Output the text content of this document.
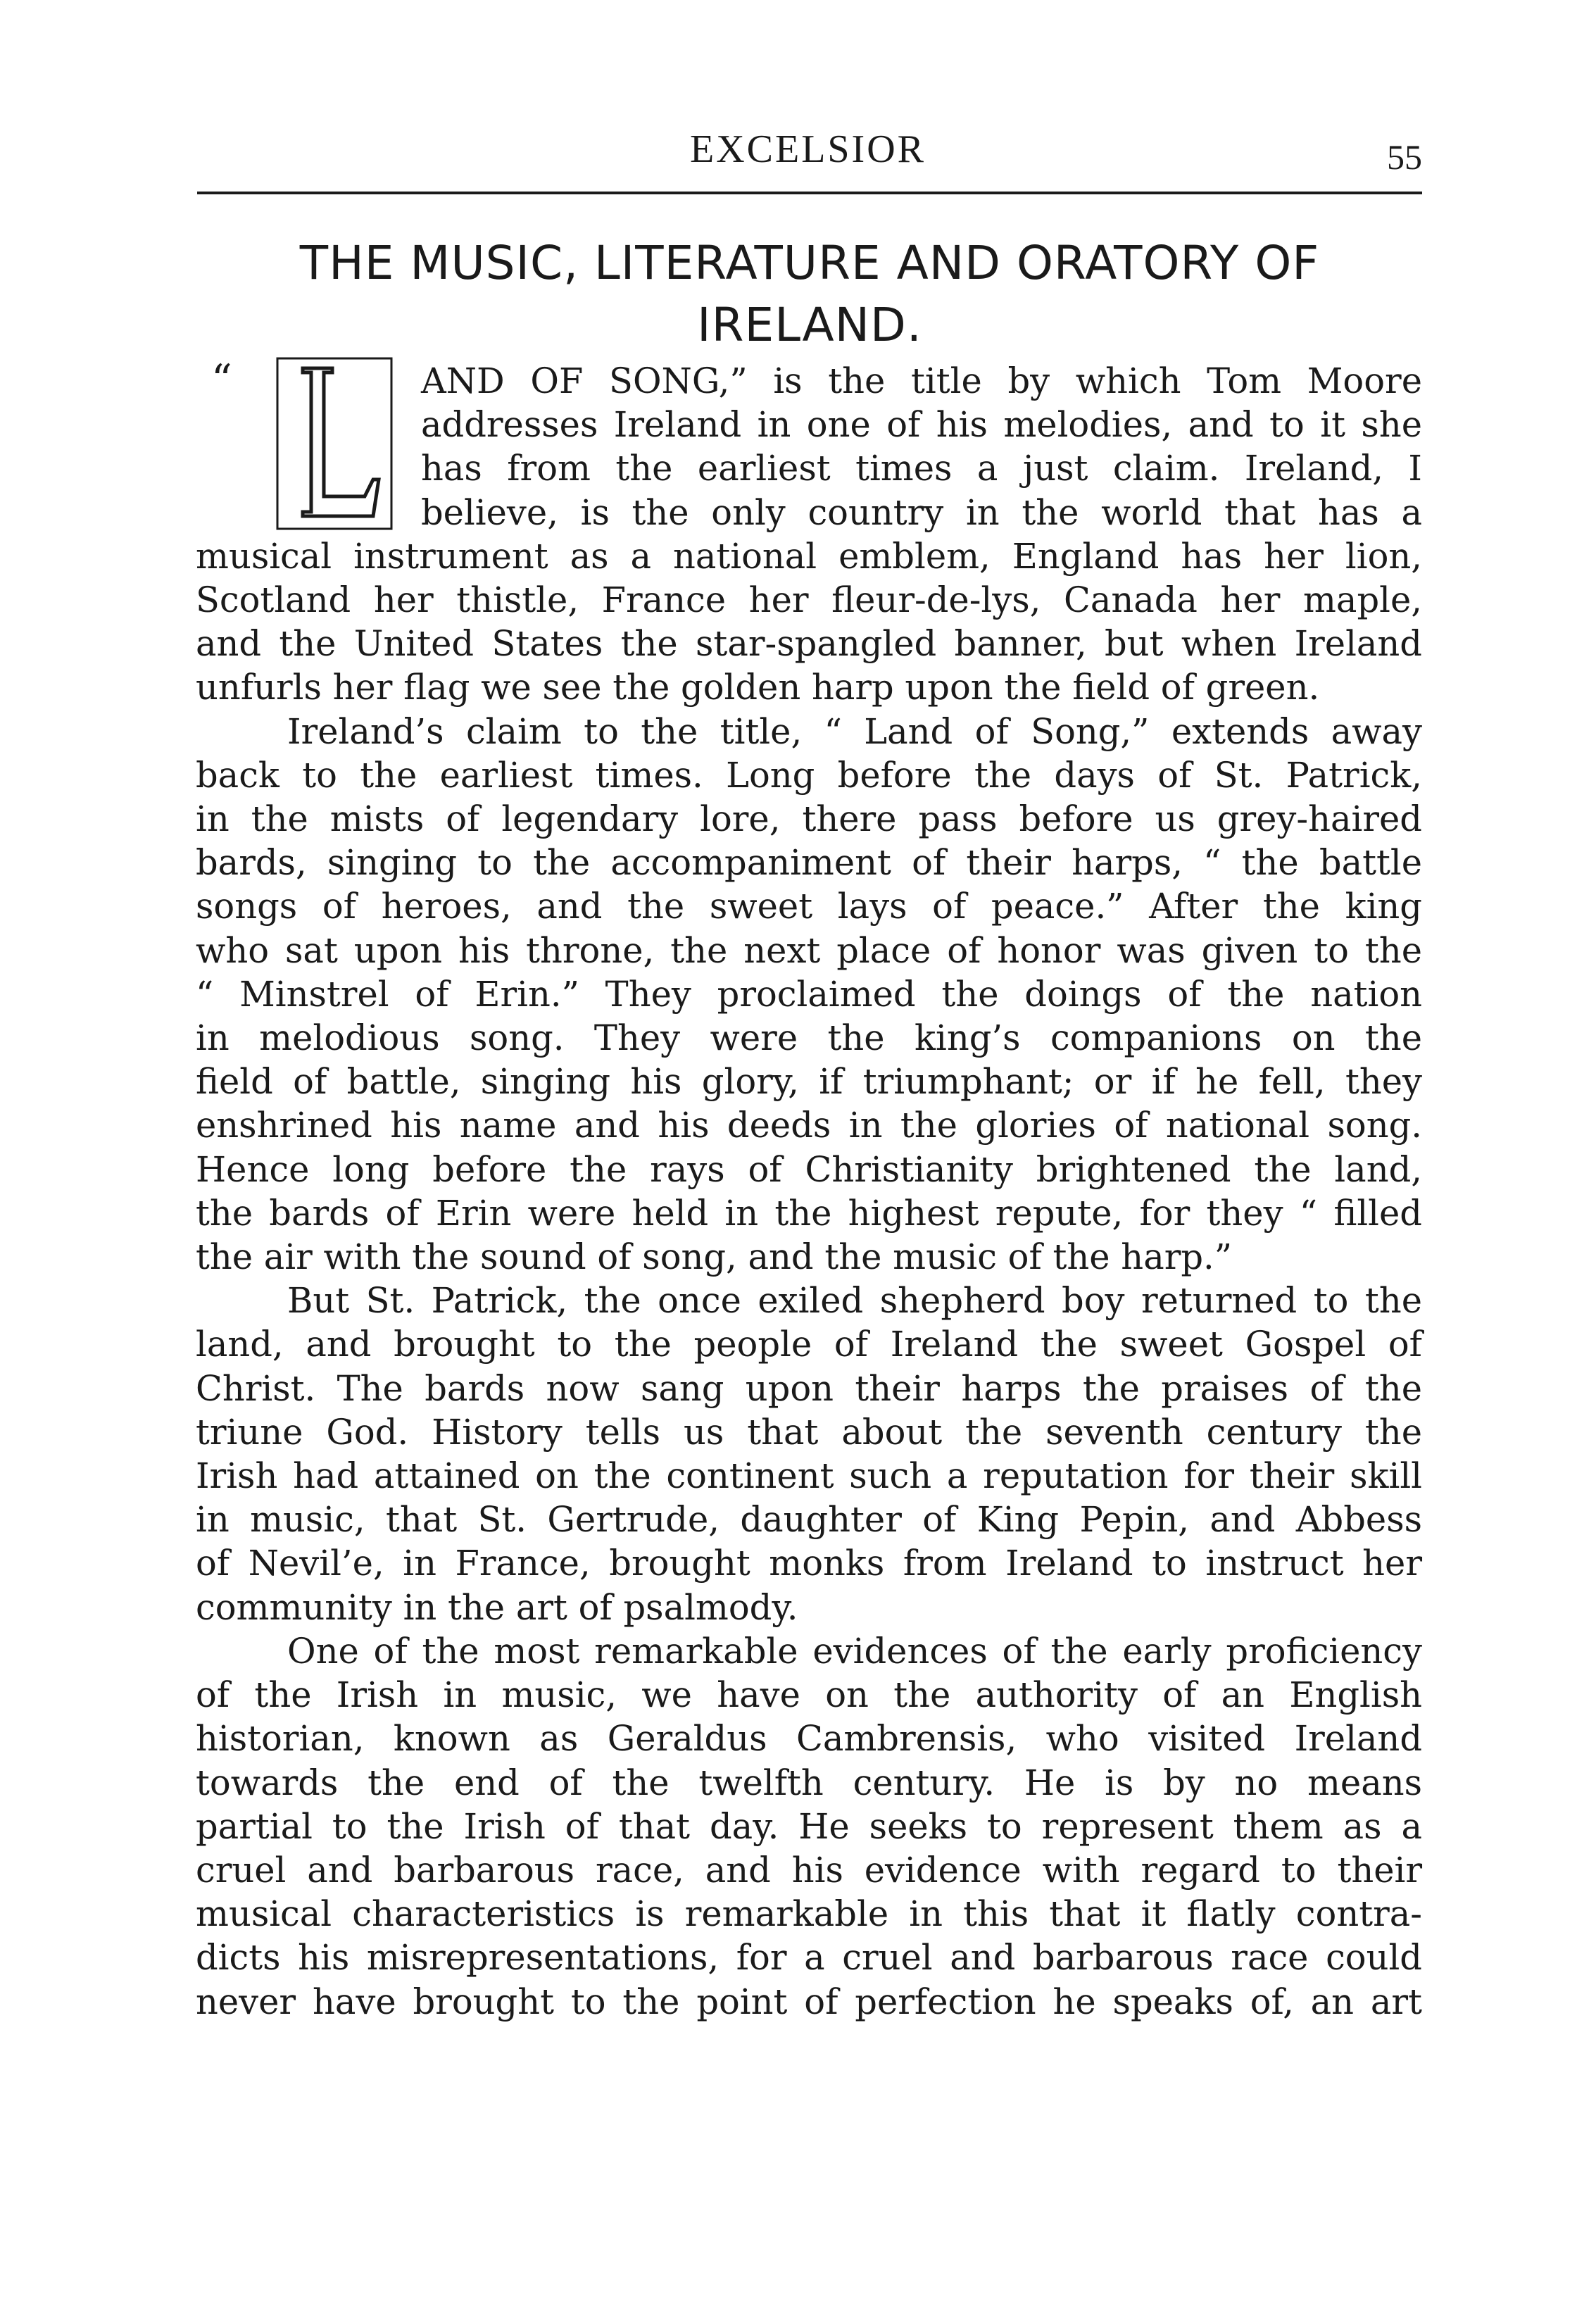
EXCELSIOR	55
THE MUSIC, LITERATURE AND ORATORY OF
IRELAND.
“	L

AND OF SONG,” is the title by which Tom Moore
addresses Ireland in one of his melodies, and to it she
has from the earliest times a just claim. Ireland, I
believe, is the only country in the world that has a

musical instrument as a national emblem, England has her lion,
Scotland her thistle, France her fleur-de-lys, Canada her maple,
and the United States the star-spangled banner, but when Ireland
unfurls her flag we see the golden harp upon the field of green.

Ireland’s claim to the title, “ Land of Song,” extends away
back to the earliest times. Long before the days of St. Patrick,
in the mists of legendary lore, there pass before us grey-haired
bards, singing to the accompaniment of their harps, “ the battle
songs of heroes, and the sweet lays of peace.” After the king
who sat upon his throne, the next place of honor was given to the
“ Minstrel of Erin.” They proclaimed the doings of the nation
in melodious song. They were the king’s companions on the
field of battle, singing his glory, if triumphant; or if he fell, they
enshrined his name and his deeds in the glories of national song.
Hence long before the rays of Christianity brightened the land,
the bards of Erin were held in the highest repute, for they “ filled
the air with the sound of song, and the music of the harp.”

But St. Patrick, the once exiled shepherd boy returned to the
land, and brought to the people of Ireland the sweet Gospel of
Christ. The bards now sang upon their harps the praises of the
triune God. History tells us that about the seventh century the
Irish had attained on the continent such a reputation for their skill
in music, that St. Gertrude, daughter of King Pepin, and Abbess
of Nevil’e, in France, brought monks from Ireland to instruct her
community in the art of psalmody.

One of the most remarkable evidences of the early proficiency
of the Irish in music, we have on the authority of an English
historian, known as Geraldus Cambrensis, who visited Ireland
towards the end of the twelfth century. He is by no means
partial to the Irish of that day. He seeks to represent them as a
cruel and barbarous race, and his evidence with regard to their
musical characteristics is remarkable in this that it flatly contra-
dicts his misrepresentations, for a cruel and barbarous race could
never have brought to the point of perfection he speaks of, an art
